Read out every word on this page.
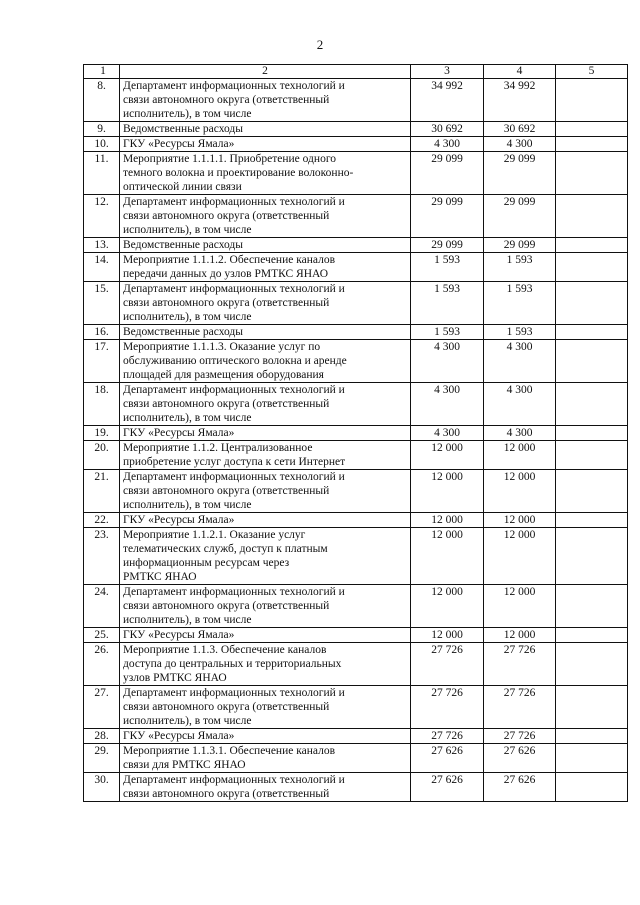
2
1	2	3	4	5
8.	Департамент информационных технологий и
связи автономного округа (ответственный
исполнитель), в том числе	34 992	34 992	
9.	Ведомственные расходы	30 692	30 692	
10.	ГКУ «Ресурсы Ямала»	4 300	4 300	
11.	Мероприятие 1.1.1.1. Приобретение одного
темного волокна и проектирование волоконно-
оптической линии связи	29 099	29 099	
12.	Департамент информационных технологий и
связи автономного округа (ответственный
исполнитель), в том числе	29 099	29 099	
13.	Ведомственные расходы	29 099	29 099	
14.	Мероприятие 1.1.1.2. Обеспечение каналов
передачи данных до узлов РМТКС ЯНАО	1 593	1 593	
15.	Департамент информационных технологий и
связи автономного округа (ответственный
исполнитель), в том числе	1 593	1 593	
16.	Ведомственные расходы	1 593	1 593	
17.	Мероприятие 1.1.1.3. Оказание услуг по
обслуживанию оптического волокна и аренде
площадей для размещения оборудования	4 300	4 300	
18.	Департамент информационных технологий и
связи автономного округа (ответственный
исполнитель), в том числе	4 300	4 300	
19.	ГКУ «Ресурсы Ямала»	4 300	4 300	
20.	Мероприятие 1.1.2. Централизованное
приобретение услуг доступа к сети Интернет	12 000	12 000	
21.	Департамент информационных технологий и
связи автономного округа (ответственный
исполнитель), в том числе	12 000	12 000	
22.	ГКУ «Ресурсы Ямала»	12 000	12 000	
23.	Мероприятие 1.1.2.1. Оказание услуг
телематических служб, доступ к платным
информационным ресурсам через
РМТКС ЯНАО	12 000	12 000	
24.	Департамент информационных технологий и
связи автономного округа (ответственный
исполнитель), в том числе	12 000	12 000	
25.	ГКУ «Ресурсы Ямала»	12 000	12 000	
26.	Мероприятие 1.1.3. Обеспечение каналов
доступа до центральных и территориальных
узлов РМТКС ЯНАО	27 726	27 726	
27.	Департамент информационных технологий и
связи автономного округа (ответственный
исполнитель), в том числе	27 726	27 726	
28.	ГКУ «Ресурсы Ямала»	27 726	27 726	
29.	Мероприятие 1.1.3.1. Обеспечение каналов
связи для РМТКС ЯНАО	27 626	27 626	
30.	Департамент информационных технологий и
связи автономного округа (ответственный	27 626	27 626	
